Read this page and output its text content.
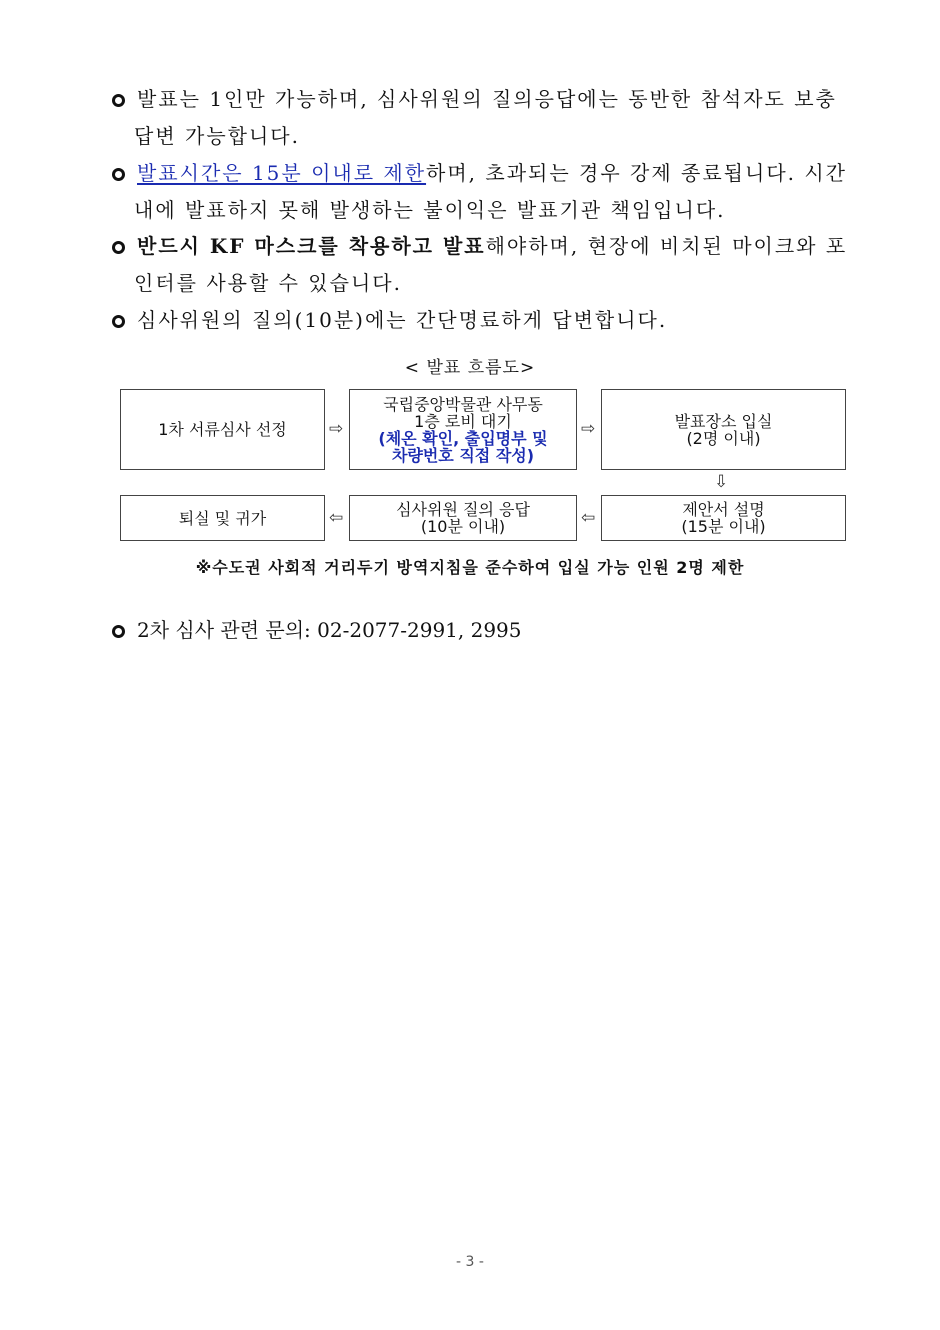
발표는 1인만 가능하며, 심사위원의 질의응답에는 동반한 참석자도 보충
답변 가능합니다.
발표시간은 15분 이내로 제한하며, 초과되는 경우 강제 종료됩니다. 시간
내에 발표하지 못해 발생하는 불이익은 발표기관 책임입니다.
반드시 KF 마스크를 착용하고 발표해야하며, 현장에 비치된 마이크와 포
인터를 사용할 수 있습니다.
심사위원의 질의(10분)에는 간단명료하게 답변합니다.
< 발표 흐름도>
1차 서류심사 선정 ⇨
국립중앙박물관 사무동
1층 로비 대기
(체온 확인, 출입명부 및
차량번호 직접 작성)
⇨	발표장소 입실
(2명 이내)
⇩
퇴실 및 귀가	⇦	심사위원 질의 응답
(10분 이내)	⇦	제안서 설명
(15분 이내)
※수도권 사회적 거리두기 방역지침을 준수하여 입실 가능 인원 2명 제한
2차 심사 관련 문의: 02-2077-2991, 2995
- 3 -
